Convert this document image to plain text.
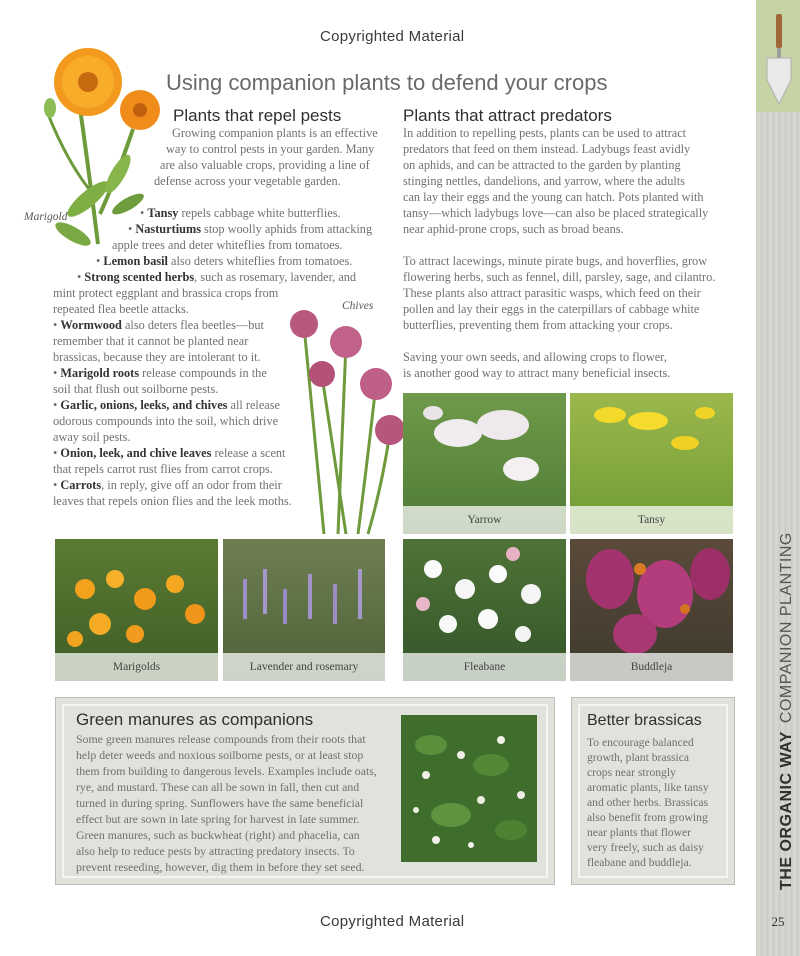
THE ORGANIC WAYCOMPANION PLANTING
25
Copyrighted Material
Copyrighted Material
Marigold
Chives
Using companion plants to defend your crops
Plants that repel pests
Growing companion plants is an effective
way to control pests in your garden. Many
are also valuable crops, providing a line of
defense across your vegetable garden.
• Tansy repels cabbage white butterflies.
• Nasturtiums stop woolly aphids from attacking
apple trees and deter whiteflies from tomatoes.
• Lemon basil also deters whiteflies from tomatoes.
• Strong scented herbs, such as rosemary, lavender, and
mint protect eggplant and brassica crops from
repeated flea beetle attacks.
• Wormwood also deters flea beetles—but
remember that it cannot be planted near
brassicas, because they are intolerant to it.
• Marigold roots release compounds in the
soil that flush out soilborne pests.
• Garlic, onions, leeks, and chives all release
odorous compounds into the soil, which drive
away soil pests.
• Onion, leek, and chive leaves release a scent
that repels carrot rust flies from carrot crops.
• Carrots, in reply, give off an odor from their
leaves that repels onion flies and the leek moths.
Plants that attract predators
In addition to repelling pests, plants can be used to attract
predators that feed on them instead. Ladybugs feast avidly
on aphids, and can be attracted to the garden by planting
stinging nettles, dandelions, and yarrow, where the adults
can lay their eggs and the young can hatch. Pots planted with
tansy—which ladybugs love—can also be placed strategically
near aphid-prone crops, such as broad beans.
To attract lacewings, minute pirate bugs, and hoverflies, grow
flowering herbs, such as fennel, dill, parsley, sage, and cilantro.
These plants also attract parasitic wasps, which feed on their
pollen and lay their eggs in the caterpillars of cabbage white
butterflies, preventing them from attacking your crops.
Saving your own seeds, and allowing crops to flower,
is another good way to attract many beneficial insects.
Yarrow	Tansy
Marigolds	Lavender and rosemary	Fleabane	Buddleja
Green manures as companions
Some green manures release compounds from their roots that
help deter weeds and noxious soilborne pests, or at least stop
them from building to dangerous levels. Examples include oats,
rye, and mustard. These can all be sown in fall, then cut and
turned in during spring. Sunflowers have the same beneficial
effect but are sown in late spring for harvest in late summer.
Green manures, such as buckwheat (right) and phacelia, can
also help to reduce pests by attracting predatory insects. To
prevent reseeding, however, dig them in before they set seed.
Better brassicas
To encourage balanced
growth, plant brassica
crops near strongly
aromatic plants, like tansy
and other herbs. Brassicas
also benefit from growing
near plants that flower
very freely, such as daisy
fleabane and buddleja.
